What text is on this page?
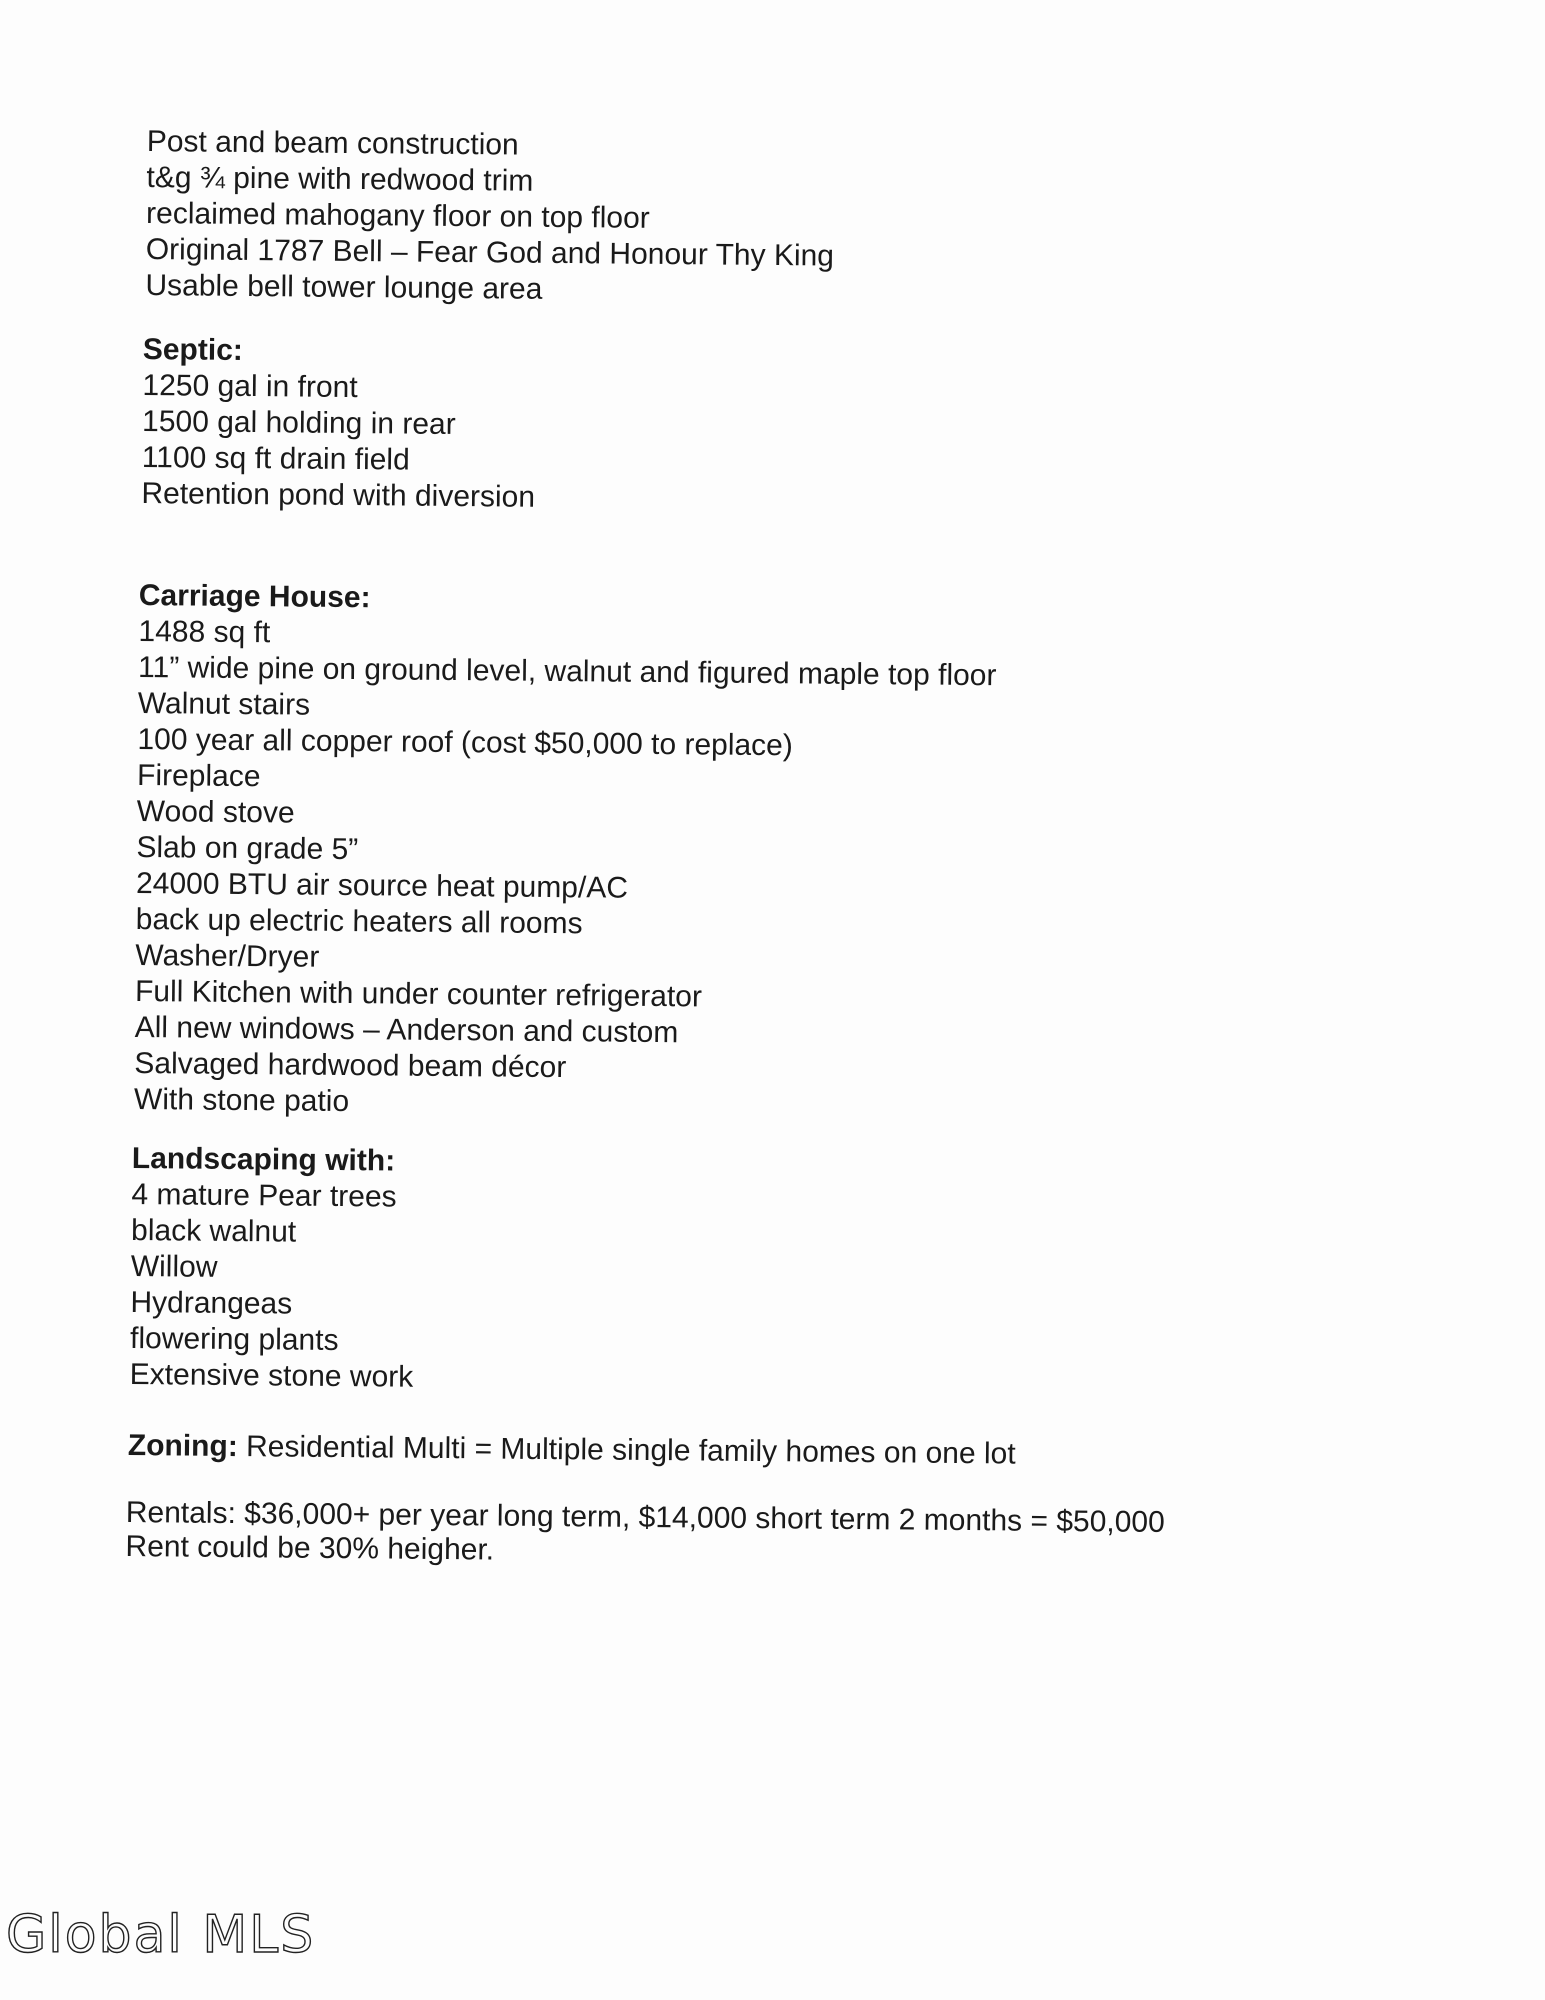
Post and beam construction
t&g ¾ pine with redwood trim
reclaimed mahogany floor on top floor
Original 1787 Bell – Fear God and Honour Thy King
Usable bell tower lounge area
Septic:
1250 gal in front
1500 gal holding in rear
1100 sq ft drain field
Retention pond with diversion
Carriage House:
1488 sq ft
11” wide pine on ground level, walnut and figured maple top floor
Walnut stairs
100 year all copper roof (cost $50,000 to replace)
Fireplace
Wood stove
Slab on grade 5”
24000 BTU air source heat pump/AC
back up electric heaters all rooms
Washer/Dryer
Full Kitchen with under counter refrigerator
All new windows – Anderson and custom
Salvaged hardwood beam décor
With stone patio
Landscaping with:
4 mature Pear trees
black walnut
Willow
Hydrangeas
flowering plants
Extensive stone work
Zoning: Residential Multi = Multiple single family homes on one lot
Rentals: $36,000+ per year long term, $14,000 short term 2 months = $50,000
Rent could be 30% heigher.
Global MLS
